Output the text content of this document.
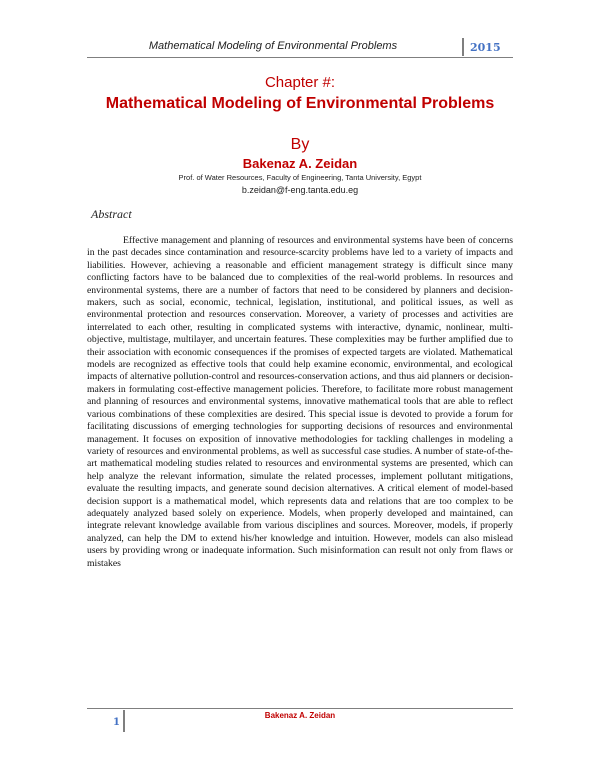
Mathematical Modeling of Environmental Problems	2015
Chapter #:
Mathematical Modeling of Environmental Problems
By
Bakenaz A. Zeidan
Prof. of Water Resources, Faculty of Engineering, Tanta University, Egypt
b.zeidan@f-eng.tanta.edu.eg
Abstract

Effective management and planning of resources and environmental systems have been of concerns in the past decades since contamination and resource-scarcity problems have led to a variety of impacts and liabilities. However, achieving a reasonable and efficient management strategy is difficult since many conflicting factors have to be balanced due to complexities of the real-world problems. In resources and environmental systems, there are a number of factors that need to be considered by planners and decision-makers, such as social, economic, technical, legislation, institutional, and political issues, as well as environmental protection and resources conservation. Moreover, a variety of processes and activities are interrelated to each other, resulting in complicated systems with interactive, dynamic, nonlinear, multi-objective, multistage, multilayer, and uncertain features. These complexities may be further amplified due to their association with economic consequences if the promises of expected targets are violated. Mathematical models are recognized as effective tools that could help examine economic, environmental, and ecological impacts of alternative pollution-control and resources-conservation actions, and thus aid planners or decision-makers in formulating cost-effective management policies. Therefore, to facilitate more robust management and planning of resources and environmental systems, innovative mathematical tools that are able to reflect various combinations of these complexities are desired. This special issue is devoted to provide a forum for facilitating discussions of emerging technologies for supporting decisions of resources and environmental management. It focuses on exposition of innovative methodologies for tackling challenges in modeling a variety of resources and environmental problems, as well as successful case studies. A number of state-of-the-art mathematical modeling studies related to resources and environmental systems are presented, which can help analyze the relevant information, simulate the related processes, implement pollutant mitigations, evaluate the resulting impacts, and generate sound decision alternatives. A critical element of model-based decision support is a mathematical model, which represents data and relations that are too complex to be adequately analyzed based solely on experience. Models, when properly developed and maintained, can integrate relevant knowledge available from various disciplines and sources. Moreover, models, if properly analyzed, can help the DM to extend his/her knowledge and intuition. However, models can also mislead users by providing wrong or inadequate information. Such misinformation can result not only from flaws or mistakes

1
Bakenaz A. Zeidan
